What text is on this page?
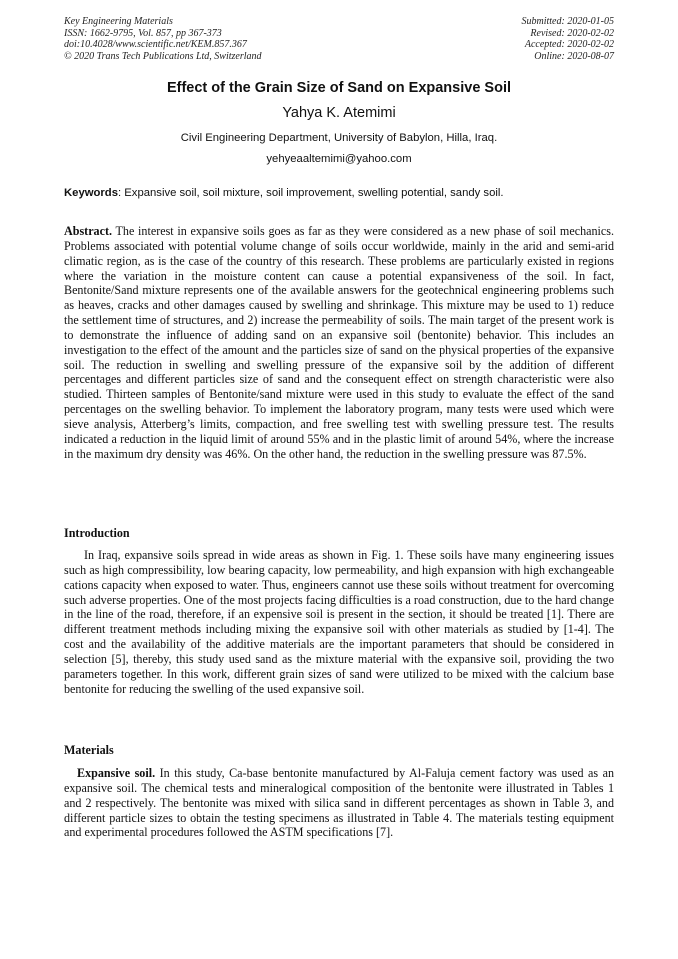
Key Engineering Materials
ISSN: 1662-9795, Vol. 857, pp 367-373
doi:10.4028/www.scientific.net/KEM.857.367
© 2020 Trans Tech Publications Ltd, Switzerland
Submitted: 2020-01-05
Revised: 2020-02-02
Accepted: 2020-02-02
Online: 2020-08-07
Effect of the Grain Size of Sand on Expansive Soil
Yahya K. Atemimi
Civil Engineering Department, University of Babylon, Hilla, Iraq.
yehyeaaltemimi@yahoo.com
Keywords: Expansive soil, soil mixture, soil improvement, swelling potential, sandy soil.
Abstract. The interest in expansive soils goes as far as they were considered as a new phase of soil mechanics. Problems associated with potential volume change of soils occur worldwide, mainly in the arid and semi-arid climatic region, as is the case of the country of this research. These problems are particularly existed in regions where the variation in the moisture content can cause a potential expansiveness of the soil. In fact, Bentonite/Sand mixture represents one of the available answers for the geotechnical engineering problems such as heaves, cracks and other damages caused by swelling and shrinkage. This mixture may be used to 1) reduce the settlement time of structures, and 2) increase the permeability of soils. The main target of the present work is to demonstrate the influence of adding sand on an expansive soil (bentonite) behavior. This includes an investigation to the effect of the amount and the particles size of sand on the physical properties of the expansive soil. The reduction in swelling and swelling pressure of the expansive soil by the addition of different percentages and different particles size of sand and the consequent effect on strength characteristic were also studied. Thirteen samples of Bentonite/sand mixture were used in this study to evaluate the effect of the sand percentages on the swelling behavior. To implement the laboratory program, many tests were used which were sieve analysis, Atterberg’s limits, compaction, and free swelling test with swelling pressure test. The results indicated a reduction in the liquid limit of around 55% and in the plastic limit of around 54%, where the increase in the maximum dry density was 46%. On the other hand, the reduction in the swelling pressure was 87.5%.
Introduction
In Iraq, expansive soils spread in wide areas as shown in Fig. 1. These soils have many engineering issues such as high compressibility, low bearing capacity, low permeability, and high expansion with high exchangeable cations capacity when exposed to water. Thus, engineers cannot use these soils without treatment for overcoming such adverse properties. One of the most projects facing difficulties is a road construction, due to the hard change in the line of the road, therefore, if an expensive soil is present in the section, it should be treated [1]. There are different treatment methods including mixing the expansive soil with other materials as studied by [1-4]. The cost and the availability of the additive materials are the important parameters that should be considered in selection [5], thereby, this study used sand as the mixture material with the expansive soil, providing the two parameters together. In this work, different grain sizes of sand were utilized to be mixed with the calcium base bentonite for reducing the swelling of the used expansive soil.
Materials
Expansive soil. In this study, Ca-base bentonite manufactured by Al-Faluja cement factory was used as an expansive soil. The chemical tests and mineralogical composition of the bentonite were illustrated in Tables 1 and 2 respectively. The bentonite was mixed with silica sand in different percentages as shown in Table 3, and different particle sizes to obtain the testing specimens as illustrated in Table 4. The materials testing equipment and experimental procedures followed the ASTM specifications [7].
